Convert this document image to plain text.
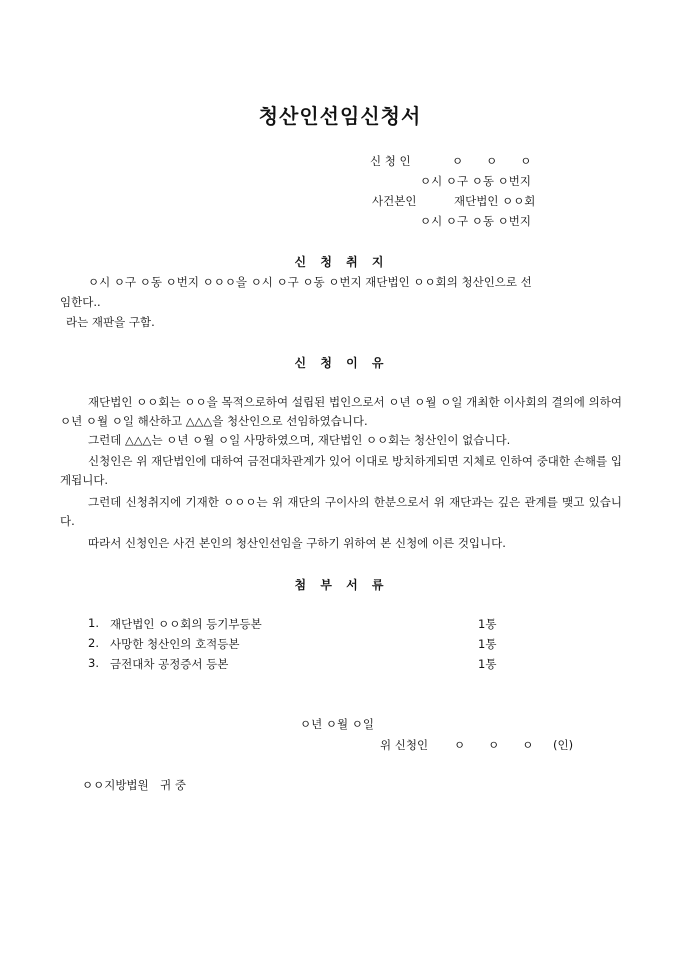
청산인선임신청서
신 청 인	ㅇ　　ㅇ　　ㅇ
ㅇ시 ㅇ구 ㅇ동 ㅇ번지
사건본인	재단법인 ㅇㅇ회
ㅇ시 ㅇ구 ㅇ동 ㅇ번지
신 청 취 지
ㅇ시 ㅇ구 ㅇ동 ㅇ번지 ㅇㅇㅇ을 ㅇ시 ㅇ구 ㅇ동 ㅇ번지 재단법인 ㅇㅇ회의 청산인으로 선
임한다..
라는 재판을 구함.
신 청 이 유
재단법인 ㅇㅇ회는 ㅇㅇ을 목적으로하여 설립된 법인으로서 ㅇ년 ㅇ월 ㅇ일 개최한 이사회의 결의에 의하여 ㅇ년 ㅇ월 ㅇ일 해산하고 △△△을 청산인으로 선임하였습니다.
그런데 △△△는 ㅇ년 ㅇ월 ㅇ일 사망하였으며, 재단법인 ㅇㅇ회는 청산인이 없습니다.
신청인은 위 재단법인에 대하여 금전대차관계가 있어 이대로 방치하게되면 지체로 인하여 중대한 손해를 입게됩니다.
그런데 신청취지에 기재한 ㅇㅇㅇ는 위 재단의 구이사의 한분으로서 위 재단과는 깊은 관계를 맺고 있습니다.
따라서 신청인은 사건 본인의 청산인선임을 구하기 위하여 본 신청에 이른 것입니다.
첨 부 서 류
1. 재단법인 ㅇㅇ회의 등기부등본	1통
2. 사망한 청산인의 호적등본	1통
3. 금전대차 공정증서 등본	1통
ㅇ년 ㅇ월 ㅇ일
위 신청인 ㅇ　　ㅇ　　ㅇ (인)
ㅇㅇ지방법원　귀 중
